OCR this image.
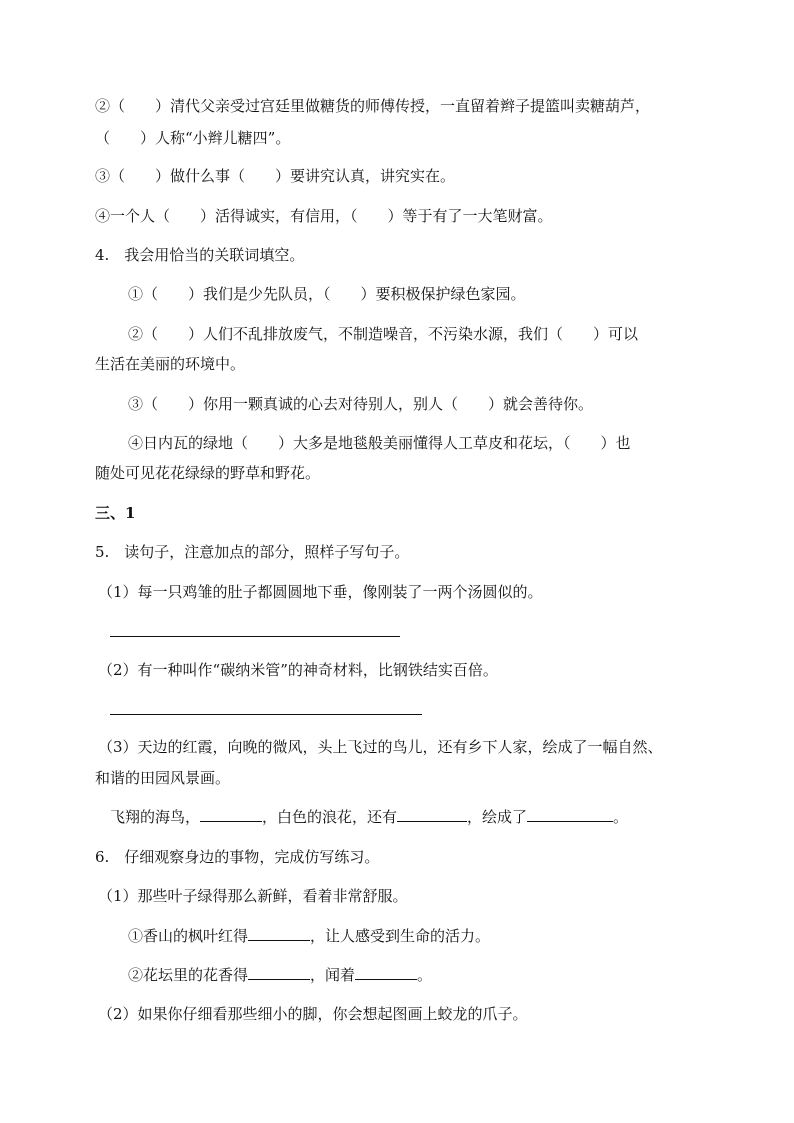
②（　　）清代父亲受过宫廷里做糖货的师傅传授，一直留着辫子提篮叫卖糖葫芦，
（　　）人称“小辫儿糖四”。
③（　　）做什么事（　　）要讲究认真，讲究实在。
④一个人（　　）活得诚实，有信用，（　　）等于有了一大笔财富。
4.　我会用恰当的关联词填空。
①（　　）我们是少先队员，（　　）要积极保护绿色家园。
②（　　）人们不乱排放废气，不制造噪音，不污染水源，我们（　　）可以
生活在美丽的环境中。
③（　　）你用一颗真诚的心去对待别人，别人（　　）就会善待你。
④日内瓦的绿地（　　）大多是地毯般美丽懂得人工草皮和花坛，（　　）也
随处可见花花绿绿的野草和野花。
三、1
5.　读句子，注意加点的部分，照样子写句子。
（1）每一只鸡雏的肚子都圆圆地下垂，像刚装了一两个汤圆似的。
（2）有一种叫作“碳纳米管”的神奇材料，比钢铁结实百倍。
（3）天边的红霞，向晚的微风，头上飞过的鸟儿，还有乡下人家，绘成了一幅自然、
和谐的田园风景画。
飞翔的海鸟，	，白色的浪花，还有	，绘成了	。
6.　仔细观察身边的事物，完成仿写练习。
（1）那些叶子绿得那么新鲜，看着非常舒服。
①香山的枫叶红得	，让人感受到生命的活力。
②花坛里的花香得	，闻着	。
（2）如果你仔细看那些细小的脚，你会想起图画上蛟龙的爪子。
